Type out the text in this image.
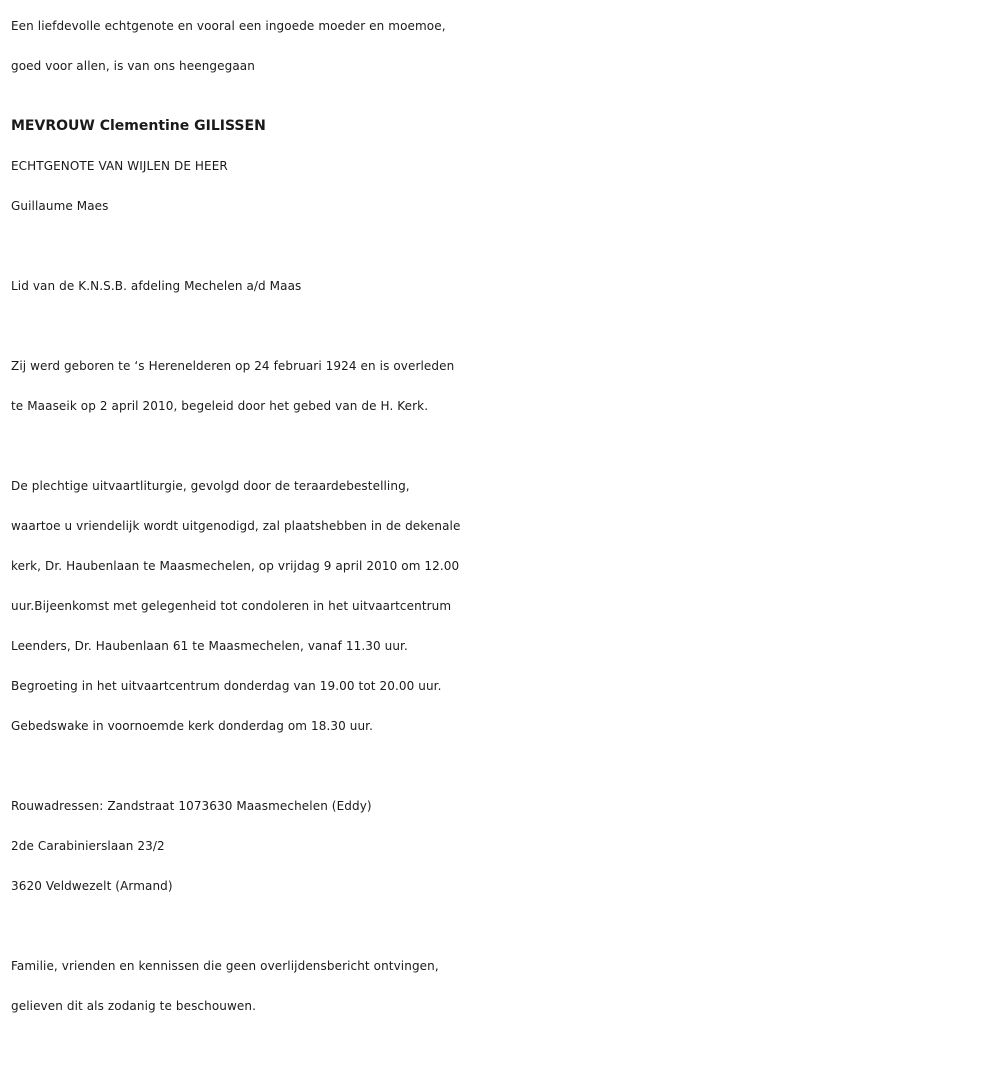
Een liefdevolle echtgenote en vooral een ingoede moeder en moemoe,
goed voor allen, is van ons heengegaan
MEVROUW Clementine GILISSEN
ECHTGENOTE VAN WIJLEN DE HEER
Guillaume Maes
Lid van de K.N.S.B. afdeling Mechelen a/d Maas
Zij werd geboren te ‘s Herenelderen op 24 februari 1924 en is overleden
te Maaseik op 2 april 2010, begeleid door het gebed van de H. Kerk.
De plechtige uitvaartliturgie, gevolgd door de teraardebestelling,
waartoe u vriendelijk wordt uitgenodigd, zal plaatshebben in de dekenale
kerk, Dr. Haubenlaan te Maasmechelen, op vrijdag 9 april 2010 om 12.00
uur.Bijeenkomst met gelegenheid tot condoleren in het uitvaartcentrum
Leenders, Dr. Haubenlaan 61 te Maasmechelen, vanaf 11.30 uur.
Begroeting in het uitvaartcentrum donderdag van 19.00 tot 20.00 uur.
Gebedswake in voornoemde kerk donderdag om 18.30 uur.
Rouwadressen: Zandstraat 1073630 Maasmechelen (Eddy)
2de Carabinierslaan 23/2
3620 Veldwezelt (Armand)
Familie, vrienden en kennissen die geen overlijdensbericht ontvingen,
gelieven dit als zodanig te beschouwen.
